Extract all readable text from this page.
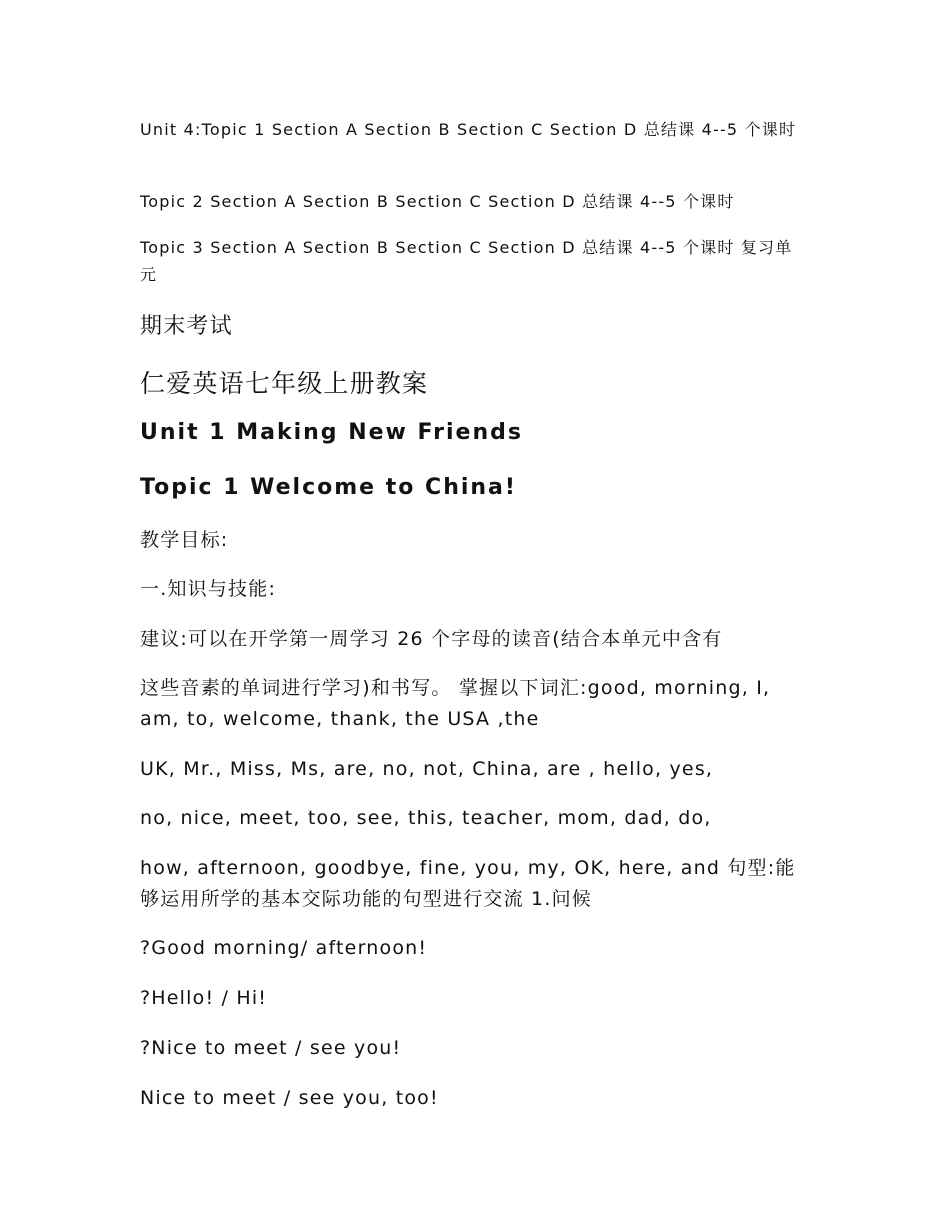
Unit 4:Topic 1 Section A Section B Section C Section D 总结课 4--5 个课时

Topic 2 Section A Section B Section C Section D 总结课 4--5 个课时

Topic 3 Section A Section B Section C Section D 总结课 4--5 个课时 复习单元

期末考试

仁爱英语七年级上册教案

Unit 1 Making New Friends

Topic 1 Welcome to China!

教学目标:

一.知识与技能:

建议:可以在开学第一周学习 26 个字母的读音(结合本单元中含有

这些音素的单词进行学习)和书写。 掌握以下词汇:good, morning, I, am, to, welcome, thank, the USA ,the

UK, Mr., Miss, Ms, are, no, not, China, are , hello, yes,

no, nice, meet, too, see, this, teacher, mom, dad, do,

how, afternoon, goodbye, fine, you, my, OK, here, and 句型:能够运用所学的基本交际功能的句型进行交流 1.问候

?Good morning/ afternoon!

?Hello! / Hi!

?Nice to meet / see you!

Nice to meet / see you, too!
